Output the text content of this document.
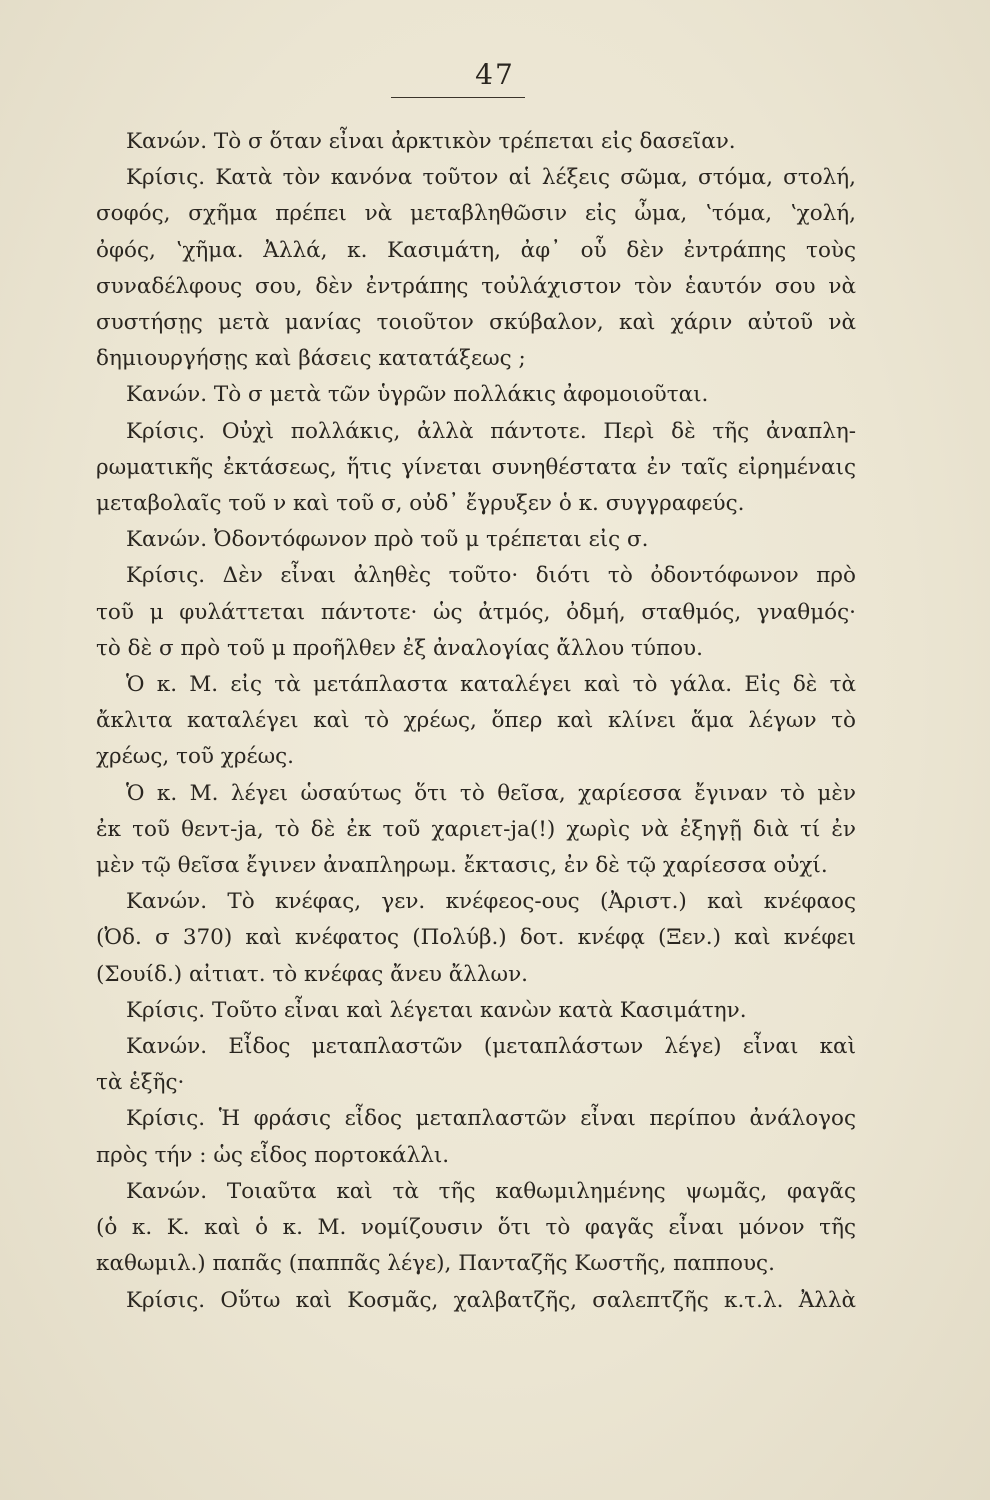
47
Κανών. Τὸ σ ὅταν εἶναι ἀρκτικὸν τρέπεται εἰς δασεῖαν.
Κρίσις. Κατὰ τὸν κανόνα τοῦτον αἱ λέξεις σῶμα, στόμα, στολή,
σοφός, σχῆμα πρέπει νὰ μεταβληθῶσιν εἰς ὦμα, ʽτόμα, ʽχολή,
ὀφός, ʽχῆμα. Ἀλλά, κ. Κασιμάτη, ἀφ᾽ οὗ δὲν ἐντράπης τοὺς
συναδέλφους σου, δὲν ἐντράπης τοὐλάχιστον τὸν ἑαυτόν σου νὰ
συστήσῃς μετὰ μανίας τοιοῦτον σκύβαλον, καὶ χάριν αὐτοῦ νὰ
δημιουργήσῃς καὶ βάσεις κατατάξεως ;
Κανών. Τὸ σ μετὰ τῶν ὑγρῶν πολλάκις ἀφομοιοῦται.
Κρίσις. Οὐχὶ πολλάκις, ἀλλὰ πάντοτε. Περὶ δὲ τῆς ἀναπλη-
ρωματικῆς ἐκτάσεως, ἥτις γίνεται συνηθέστατα ἐν ταῖς εἰρημέναις
μεταβολαῖς τοῦ ν καὶ τοῦ σ, οὐδ᾽ ἔγρυξεν ὁ κ. συγγραφεύς.
Κανών. Ὀδοντόφωνον πρὸ τοῦ μ τρέπεται εἰς σ.
Κρίσις. Δὲν εἶναι ἀληθὲς τοῦτο· διότι τὸ ὀδοντόφωνον πρὸ
τοῦ μ φυλάττεται πάντοτε· ὡς ἀτμός, ὀδμή, σταθμός, γναθμός·
τὸ δὲ σ πρὸ τοῦ μ προῆλθεν ἐξ ἀναλογίας ἄλλου τύπου.
Ὁ κ. Μ. εἰς τὰ μετάπλαστα καταλέγει καὶ τὸ γάλα. Εἰς δὲ τὰ
ἄκλιτα καταλέγει καὶ τὸ χρέως, ὅπερ καὶ κλίνει ἅμα λέγων τὸ
χρέως, τοῦ χρέως.
Ὁ κ. Μ. λέγει ὡσαύτως ὅτι τὸ θεῖσα, χαρίεσσα ἔγιναν τὸ μὲν
ἐκ τοῦ θεντ-ja, τὸ δὲ ἐκ τοῦ χαριετ-ja(!) χωρὶς νὰ ἐξηγῇ διὰ τί ἐν
μὲν τῷ θεῖσα ἔγινεν ἀναπληρωμ. ἔκτασις, ἐν δὲ τῷ χαρίεσσα οὐχί.
Κανών. Τὸ κνέφας, γεν. κνέφεος-ους (Ἀριστ.) καὶ κνέφαος
(Ὀδ. σ 370) καὶ κνέφατος (Πολύβ.) δοτ. κνέφᾳ (Ξεν.) καὶ κνέφει
(Σουίδ.) αἰτιατ. τὸ κνέφας ἄνευ ἄλλων.
Κρίσις. Τοῦτο εἶναι καὶ λέγεται κανὼν κατὰ Κασιμάτην.
Κανών. Εἶδος μεταπλαστῶν (μεταπλάστων λέγε) εἶναι καὶ
τὰ ἑξῆς·
Κρίσις. Ἡ φράσις εἶδος μεταπλαστῶν εἶναι περίπου ἀνάλογος
πρὸς τήν : ὡς εἶδος πορτοκάλλι.
Κανών. Τοιαῦτα καὶ τὰ τῆς καθωμιλημένης ψωμᾶς, φαγᾶς
(ὁ κ. Κ. καὶ ὁ κ. Μ. νομίζουσιν ὅτι τὸ φαγᾶς εἶναι μόνον τῆς
καθωμιλ.) παπᾶς (παππᾶς λέγε), Πανταζῆς Κωστῆς, παππους.
Κρίσις. Οὕτω καὶ Κοσμᾶς, χαλβατζῆς, σαλεπτζῆς κ.τ.λ. Ἀλλὰ
